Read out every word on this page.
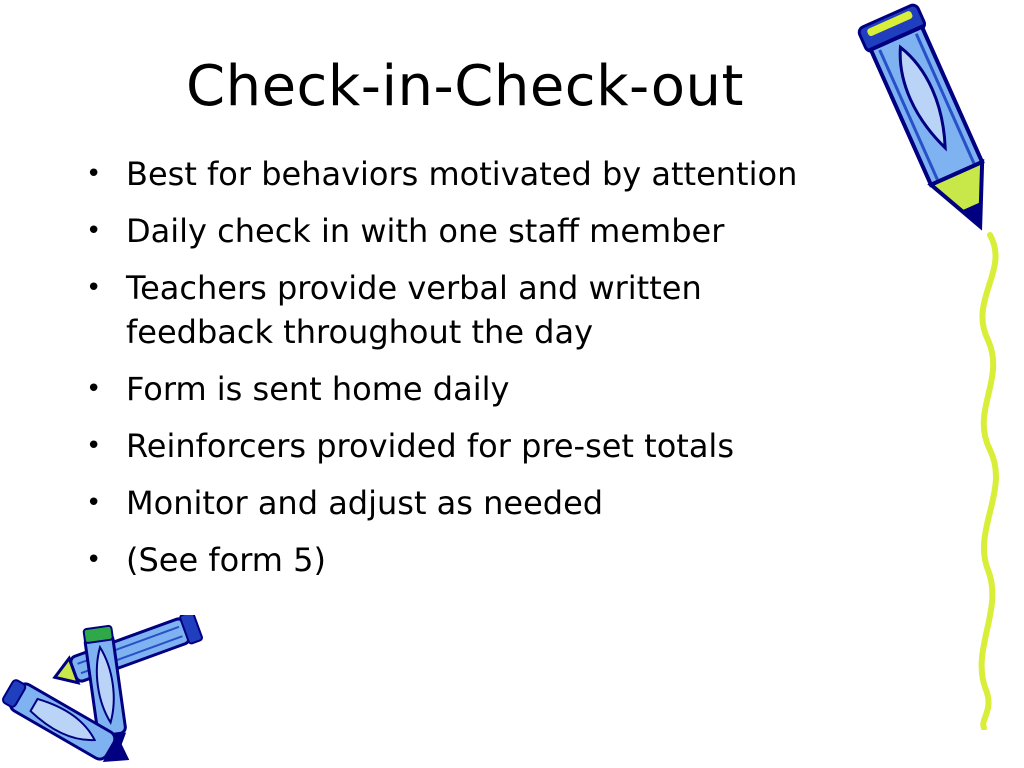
Check-in-Check-out
• Best for behaviors motivated by attention
• Daily check in with one staff member
• Teachers provide verbal and written
feedback throughout the day
• Form is sent home daily
• Reinforcers provided for pre-set totals
• Monitor and adjust as needed
• (See form 5)
